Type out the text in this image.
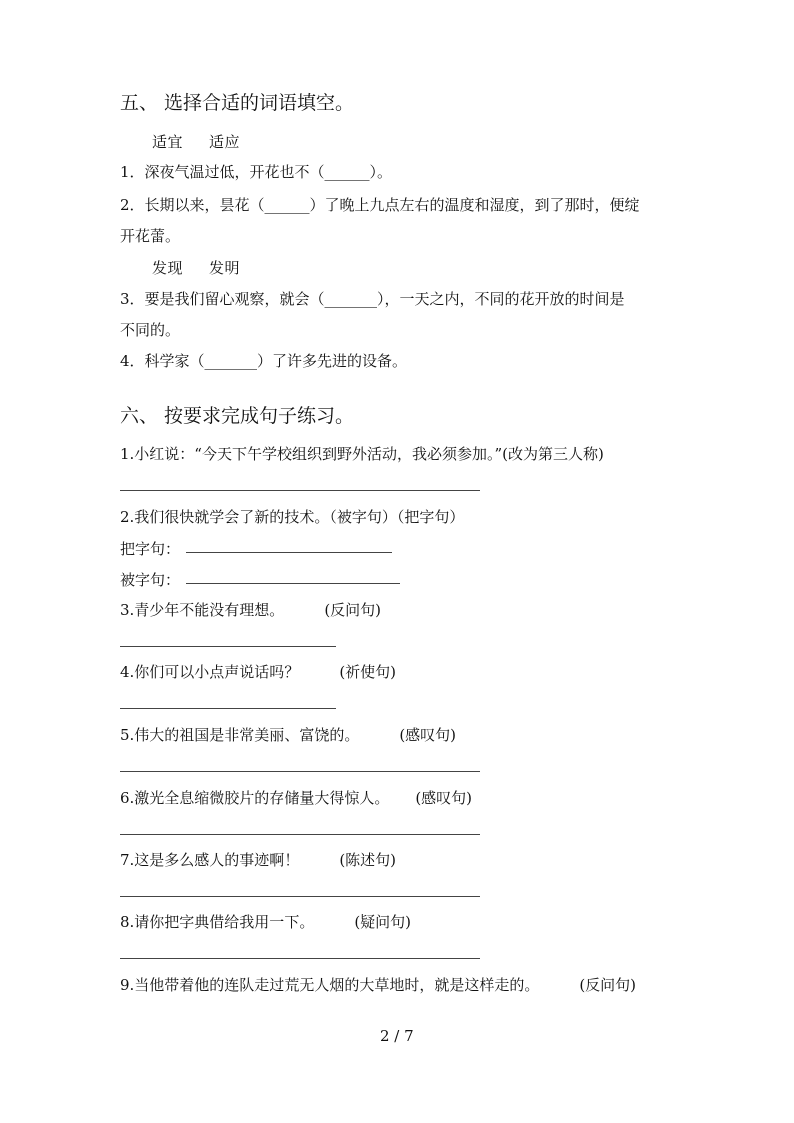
五、 选择合适的词语填空。
适宜 适应
1．深夜气温过低，开花也不（______）。
2．长期以来，昙花（______）了晚上九点左右的温度和湿度，到了那时，便绽
开花蕾。
发现 发明
3．要是我们留心观察，就会（_______），一天之内，不同的花开放的时间是
不同的。
4．科学家（_______）了许多先进的设备。
六、 按要求完成句子练习。
1.小红说：“今天下午学校组织到野外活动，我必须参加。”(改为第三人称)
2.我们很快就学会了新的技术。（被字句）（把字句）
把字句：
被字句：
3.青少年不能没有理想。	(反问句)
4.你们可以小点声说话吗？	(祈使句)
5.伟大的祖国是非常美丽、富饶的。	(感叹句)
6.激光全息缩微胶片的存储量大得惊人。 (感叹句)
7.这是多么感人的事迹啊！	(陈述句)
8.请你把字典借给我用一下。	(疑问句)
9.当他带着他的连队走过荒无人烟的大草地时，就是这样走的。	(反问句)
2 / 7
